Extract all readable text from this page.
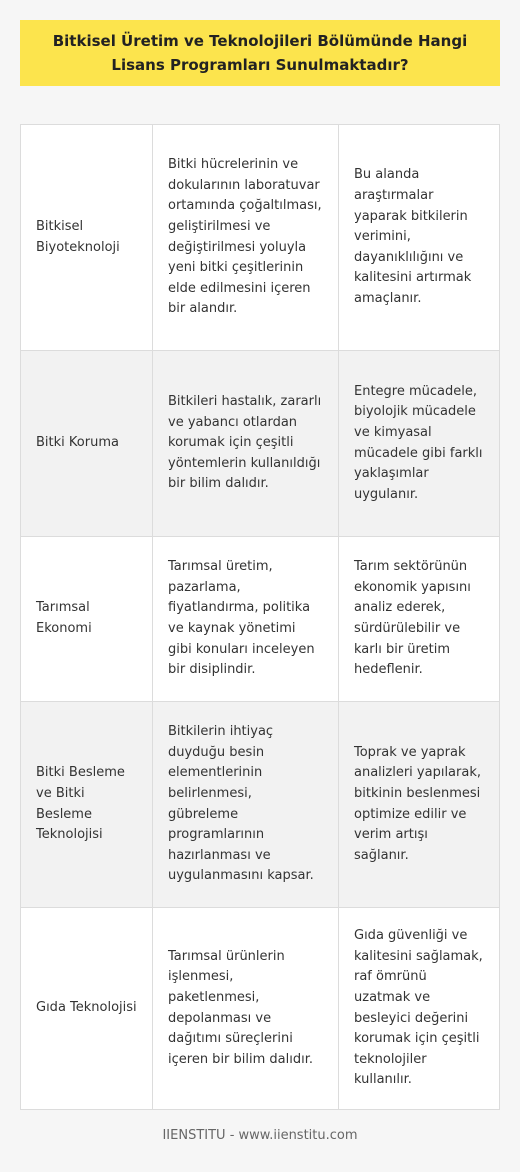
Bitkisel Üretim ve Teknolojileri Bölümünde Hangi Lisans Programları Sunulmaktadır?
Bitkisel Biyoteknoloji
Bitki hücrelerinin ve dokularının laboratuvar ortamında çoğaltılması, geliştirilmesi ve değiştirilmesi yoluyla yeni bitki çeşitlerinin elde edilmesini içeren bir alandır.
Bu alanda araştırmalar yaparak bitkilerin verimini, dayanıklılığını ve kalitesini artırmak amaçlanır.
Bitki Koruma
Bitkileri hastalık, zararlı ve yabancı otlardan korumak için çeşitli yöntemlerin kullanıldığı bir bilim dalıdır.
Entegre mücadele, biyolojik mücadele ve kimyasal mücadele gibi farklı yaklaşımlar uygulanır.
Tarımsal Ekonomi
Tarımsal üretim, pazarlama, fiyatlandırma, politika ve kaynak yönetimi gibi konuları inceleyen bir disiplindir.
Tarım sektörünün ekonomik yapısını analiz ederek, sürdürülebilir ve karlı bir üretim hedeflenir.
Bitki Besleme ve Bitki Besleme Teknolojisi
Bitkilerin ihtiyaç duyduğu besin elementlerinin belirlenmesi, gübreleme programlarının hazırlanması ve uygulanmasını kapsar.
Toprak ve yaprak analizleri yapılarak, bitkinin beslenmesi optimize edilir ve verim artışı sağlanır.
Gıda Teknolojisi
Tarımsal ürünlerin işlenmesi, paketlenmesi, depolanması ve dağıtımı süreçlerini içeren bir bilim dalıdır.
Gıda güvenliği ve kalitesini sağlamak, raf ömrünü uzatmak ve besleyici değerini korumak için çeşitli teknolojiler kullanılır.
IIENSTITU - www.iienstitu.com
